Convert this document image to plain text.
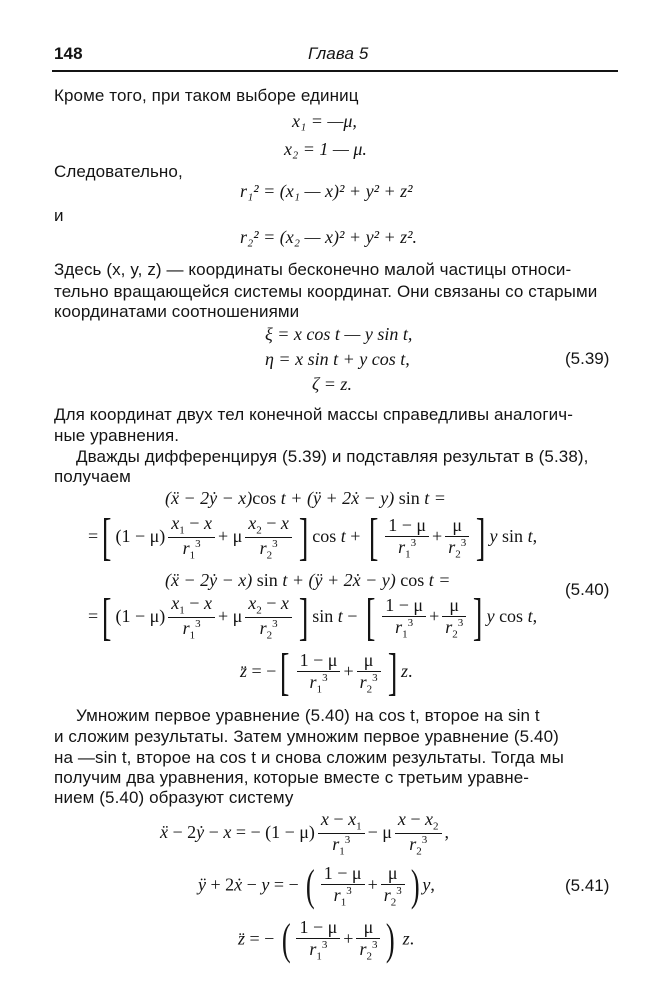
148	Глава 5
Кроме того, при таком выборе единиц
x₁ = —μ,
x₂ = 1 — μ.
Следовательно,
r₁² = (x₁ — x)² + y² + z²
и
r₂² = (x₂ — x)² + y² + z².
Здесь (x, y, z) — координаты бесконечно малой частицы относи-
тельно вращающейся системы координат. Они связаны со старыми
координатами соотношениями
ξ = x cos t — y sin t,
η = x sin t + y cos t,	(5.39)
ζ = z.
Для координат двух тел конечной массы справедливы аналогич-
ные уравнения.
Дважды дифференцируя (5.39) и подставляя результат в (5.38),
получаем
(ẍ − 2ẏ − x)cos t + (ÿ + 2ẋ − y) sin t =
=[ $(1 - \mu) \frac{x_1 - x}{r_1^3} + \mu \frac{x_2 - x}{r_2^3}$ ] cos t + [ $\frac{1 - \mu}{r_1^3} + \frac{\mu}{r_2^3}$ ] y sin t,
(ẍ − 2ẏ − x) sin t + (ÿ + 2ẋ − y) cos t =	(5.40)
=[ $(1 - \mu) \frac{x_1 - x}{r_1^3} + \mu \frac{x_2 - x}{r_2^3}$ ] sin t − [ $\frac{1 - \mu}{r_1^3} + \frac{\mu}{r_2^3}$ ] y cos t,
z̈ = −[ $\frac{1 - \mu}{r_1^3} + \frac{\mu}{r_2^3}$ ] z.
Умножим первое уравнение (5.40) на cos t, второе на sin t
и сложим результаты. Затем умножим первое уравнение (5.40)
на —sin t, второе на cos t и снова сложим результаты. Тогда мы
получим два уравнения, которые вместе с третьим уравне-
нием (5.40) образуют систему
ẍ − 2ẏ − x = − $(1 - \mu) \frac{x - x_1}{r_1^3} - \mu \frac{x - x_2}{r_2^3}$ ,
ÿ + 2ẋ − y = − ( $\frac{1 - \mu}{r_1^3} + \frac{\mu}{r_2^3}$ ) y,	(5.41)
z̈ = − ( $\frac{1 - \mu}{r_1^3} + \frac{\mu}{r_2^3}$ ) z.
